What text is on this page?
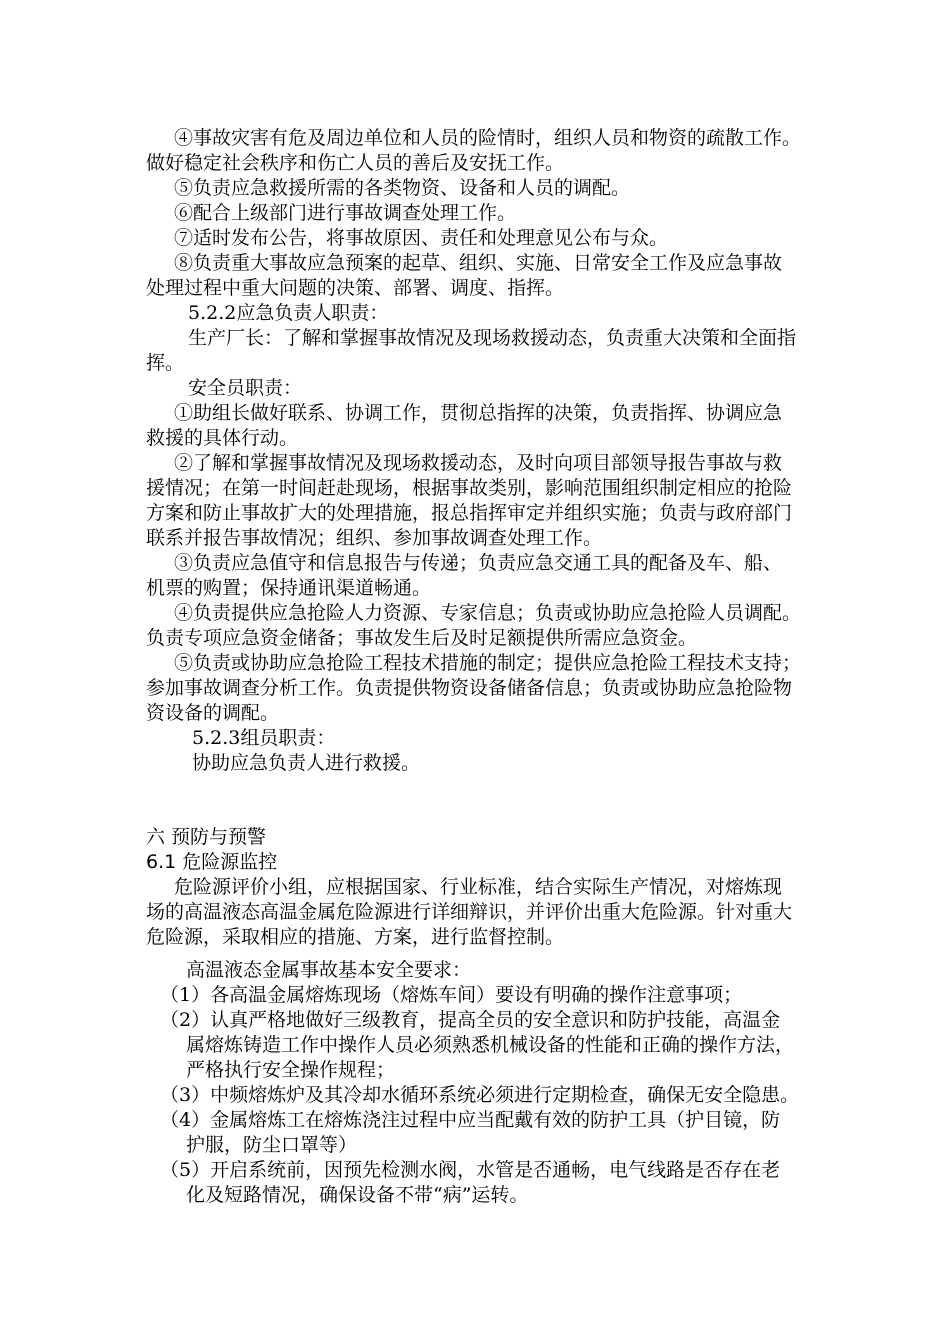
④事故灾害有危及周边单位和人员的险情时，组织人员和物资的疏散工作。
做好稳定社会秩序和伤亡人员的善后及安抚工作。
⑤负责应急救援所需的各类物资、设备和人员的调配。
⑥配合上级部门进行事故调查处理工作。
⑦适时发布公告，将事故原因、责任和处理意见公布与众。
⑧负责重大事故应急预案的起草、组织、实施、日常安全工作及应急事故
处理过程中重大问题的决策、部署、调度、指挥。
5.2.2应急负责人职责：
生产厂长：了解和掌握事故情况及现场救援动态，负责重大决策和全面指
挥。
安全员职责：
①助组长做好联系、协调工作，贯彻总指挥的决策，负责指挥、协调应急
救援的具体行动。
②了解和掌握事故情况及现场救援动态，及时向项目部领导报告事故与救
援情况；在第一时间赶赴现场，根据事故类别，影响范围组织制定相应的抢险
方案和防止事故扩大的处理措施，报总指挥审定并组织实施；负责与政府部门
联系并报告事故情况；组织、参加事故调查处理工作。
③负责应急值守和信息报告与传递；负责应急交通工具的配备及车、船、
机票的购置；保持通讯渠道畅通。
④负责提供应急抢险人力资源、专家信息；负责或协助应急抢险人员调配。
负责专项应急资金储备；事故发生后及时足额提供所需应急资金。
⑤负责或协助应急抢险工程技术措施的制定；提供应急抢险工程技术支持；
参加事故调查分析工作。负责提供物资设备储备信息；负责或协助应急抢险物
资设备的调配。
5.2.3组员职责：
协助应急负责人进行救援。
六 预防与预警
6.1 危险源监控
危险源评价小组，应根据国家、行业标准，结合实际生产情况，对熔炼现
场的高温液态高温金属危险源进行详细辩识，并评价出重大危险源。针对重大
危险源，采取相应的措施、方案，进行监督控制。
高温液态金属事故基本安全要求：
（1）各高温金属熔炼现场（熔炼车间）要设有明确的操作注意事项；
（2）认真严格地做好三级教育，提高全员的安全意识和防护技能，高温金
属熔炼铸造工作中操作人员必须熟悉机械设备的性能和正确的操作方法，
严格执行安全操作规程；
（3）中频熔炼炉及其冷却水循环系统必须进行定期检查，确保无安全隐患。
（4）金属熔炼工在熔炼浇注过程中应当配戴有效的防护工具（护目镜，防
护服，防尘口罩等）
（5）开启系统前，因预先检测水阀，水管是否通畅，电气线路是否存在老
化及短路情况，确保设备不带“病”运转。
